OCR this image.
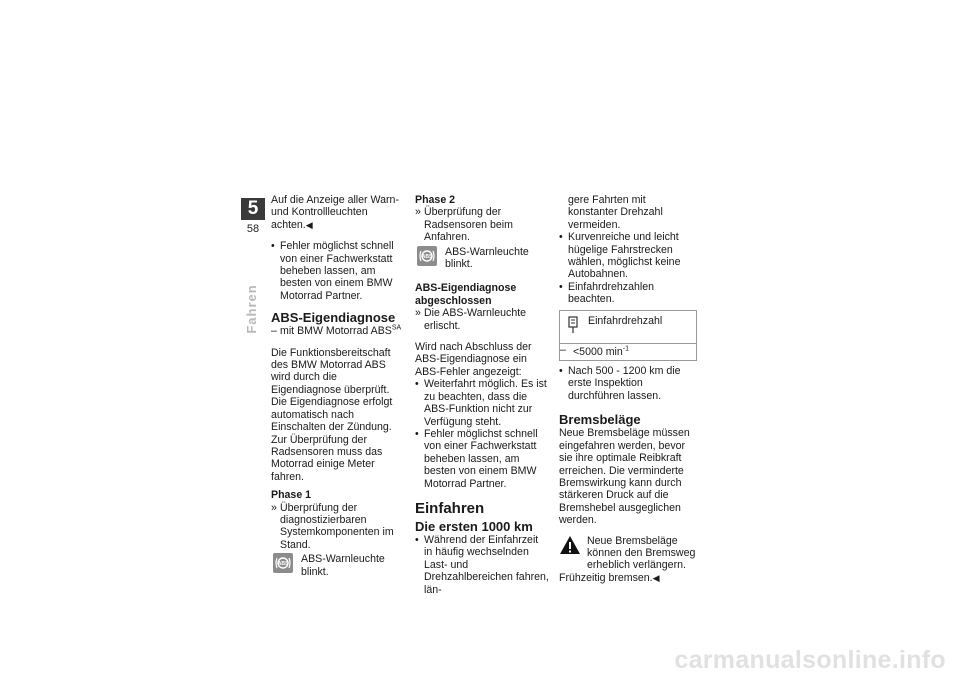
5
58
Fahren

Auf die Anzeige aller Warn- und Kontrollleuchten achten.◀

• Fehler möglichst schnell von einer Fachwerkstatt beheben lassen, am besten von einem BMW Motorrad Partner.

ABS-Eigendiagnose

– mit BMW Motorrad $ABS^{SA}$

Die Funktionsbereitschaft des BMW Motorrad ABS wird durch die Eigendiagnose überprüft. Die Eigendiagnose erfolgt automatisch nach Einschalten der Zündung. Zur Überprüfung der Radsensoren muss das Motorrad einige Meter fahren.

Phase 1

» Überprüfung der diagnostizierbaren Systemkomponenten im Stand.

ABS ABS-Warnleuchte blinkt.
Phase 2

» Überprüfung der Radsensoren beim Anfahren.

ABS ABS-Warnleuchte blinkt.
ABS-Eigendiagnose abgeschlossen

» Die ABS-Warnleuchte erlischt.

Wird nach Abschluss der ABS-Eigendiagnose ein ABS-Fehler angezeigt:

• Weiterfahrt möglich. Es ist zu beachten, dass die ABS-Funktion nicht zur Verfügung steht.

• Fehler möglichst schnell von einer Fachwerkstatt beheben lassen, am besten von einem BMW Motorrad Partner.

Einfahren
Die ersten 1000 km

• Während der Einfahrzeit in häufig wechselnden Last- und Drehzahlbereichen fahren, län-

gere Fahrten mit konstanter Drehzahl vermeiden.

• Kurvenreiche und leicht hügelige Fahrstrecken wählen, möglichst keine Autobahnen.

• Einfahrdrehzahlen beachten.

Einfahrdrehzahl
– <5000 $\min^{-1}$

• Nach 500 - 1200 km die erste Inspektion durchführen lassen.

Bremsbeläge

Neue Bremsbeläge müssen eingefahren werden, bevor sie ihre optimale Reibkraft erreichen. Die verminderte Bremswirkung kann durch stärkeren Druck auf die Bremshebel ausgeglichen werden.

Neue Bremsbeläge können den Bremsweg erheblich verlängern.

Frühzeitig bremsen.◀

carmanualsonline.info
